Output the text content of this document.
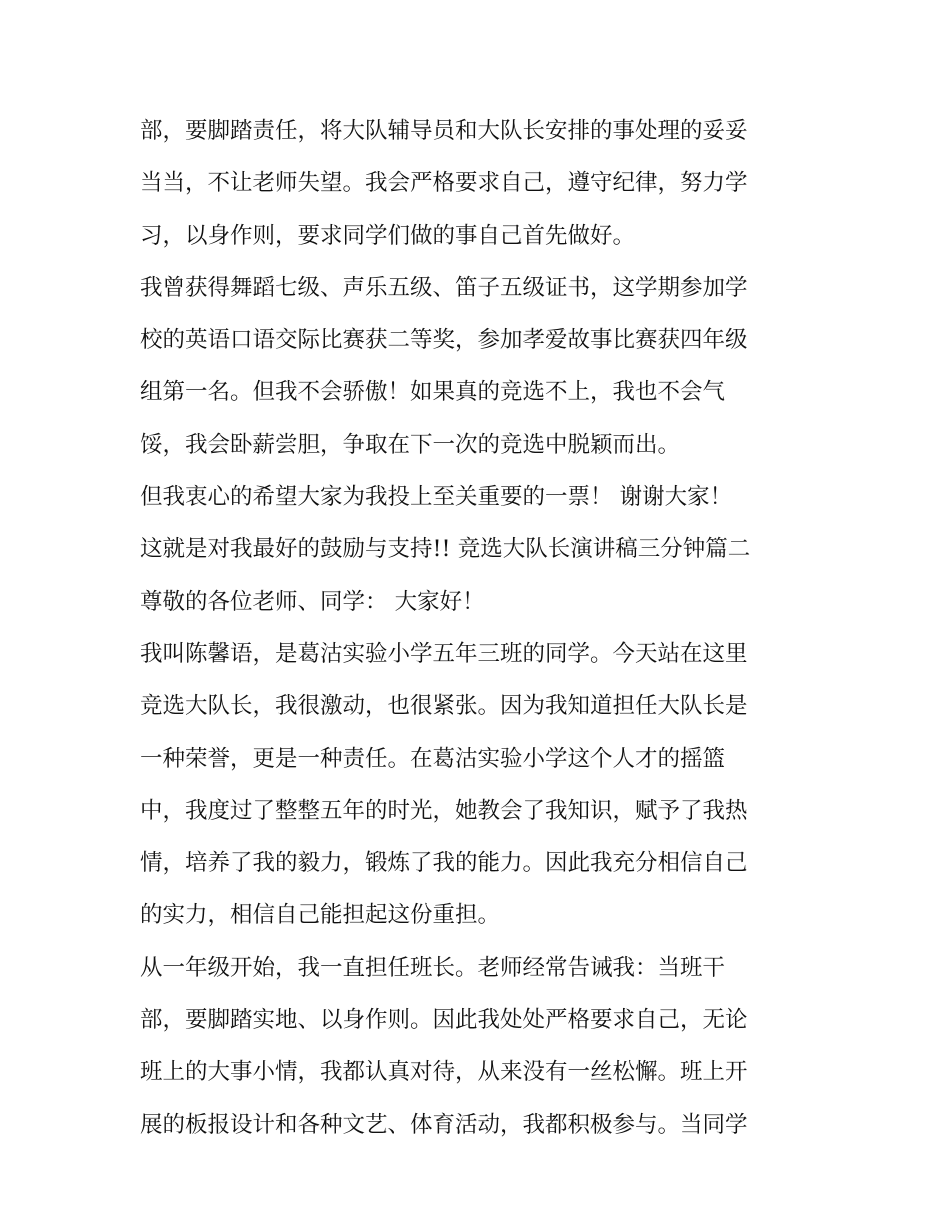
部，要脚踏责任，将大队辅导员和大队长安排的事处理的妥妥
当当，不让老师失望。我会严格要求自己，遵守纪律，努力学
习，以身作则，要求同学们做的事自己首先做好。
我曾获得舞蹈七级、声乐五级、笛子五级证书，这学期参加学
校的英语口语交际比赛获二等奖，参加孝爱故事比赛获四年级
组第一名。但我不会骄傲！如果真的竞选不上，我也不会气
馁，我会卧薪尝胆，争取在下一次的竞选中脱颖而出。
但我衷心的希望大家为我投上至关重要的一票！ 谢谢大家！
这就是对我最好的鼓励与支持!! 竞选大队长演讲稿三分钟篇二
尊敬的各位老师、同学： 大家好！
我叫陈馨语，是葛沽实验小学五年三班的同学。今天站在这里
竞选大队长，我很激动，也很紧张。因为我知道担任大队长是
一种荣誉，更是一种责任。在葛沽实验小学这个人才的摇篮
中，我度过了整整五年的时光，她教会了我知识，赋予了我热
情，培养了我的毅力，锻炼了我的能力。因此我充分相信自己
的实力，相信自己能担起这份重担。
从一年级开始，我一直担任班长。老师经常告诫我：当班干
部，要脚踏实地、以身作则。因此我处处严格要求自己，无论
班上的大事小情，我都认真对待，从来没有一丝松懈。班上开
展的板报设计和各种文艺、体育活动，我都积极参与。当同学
